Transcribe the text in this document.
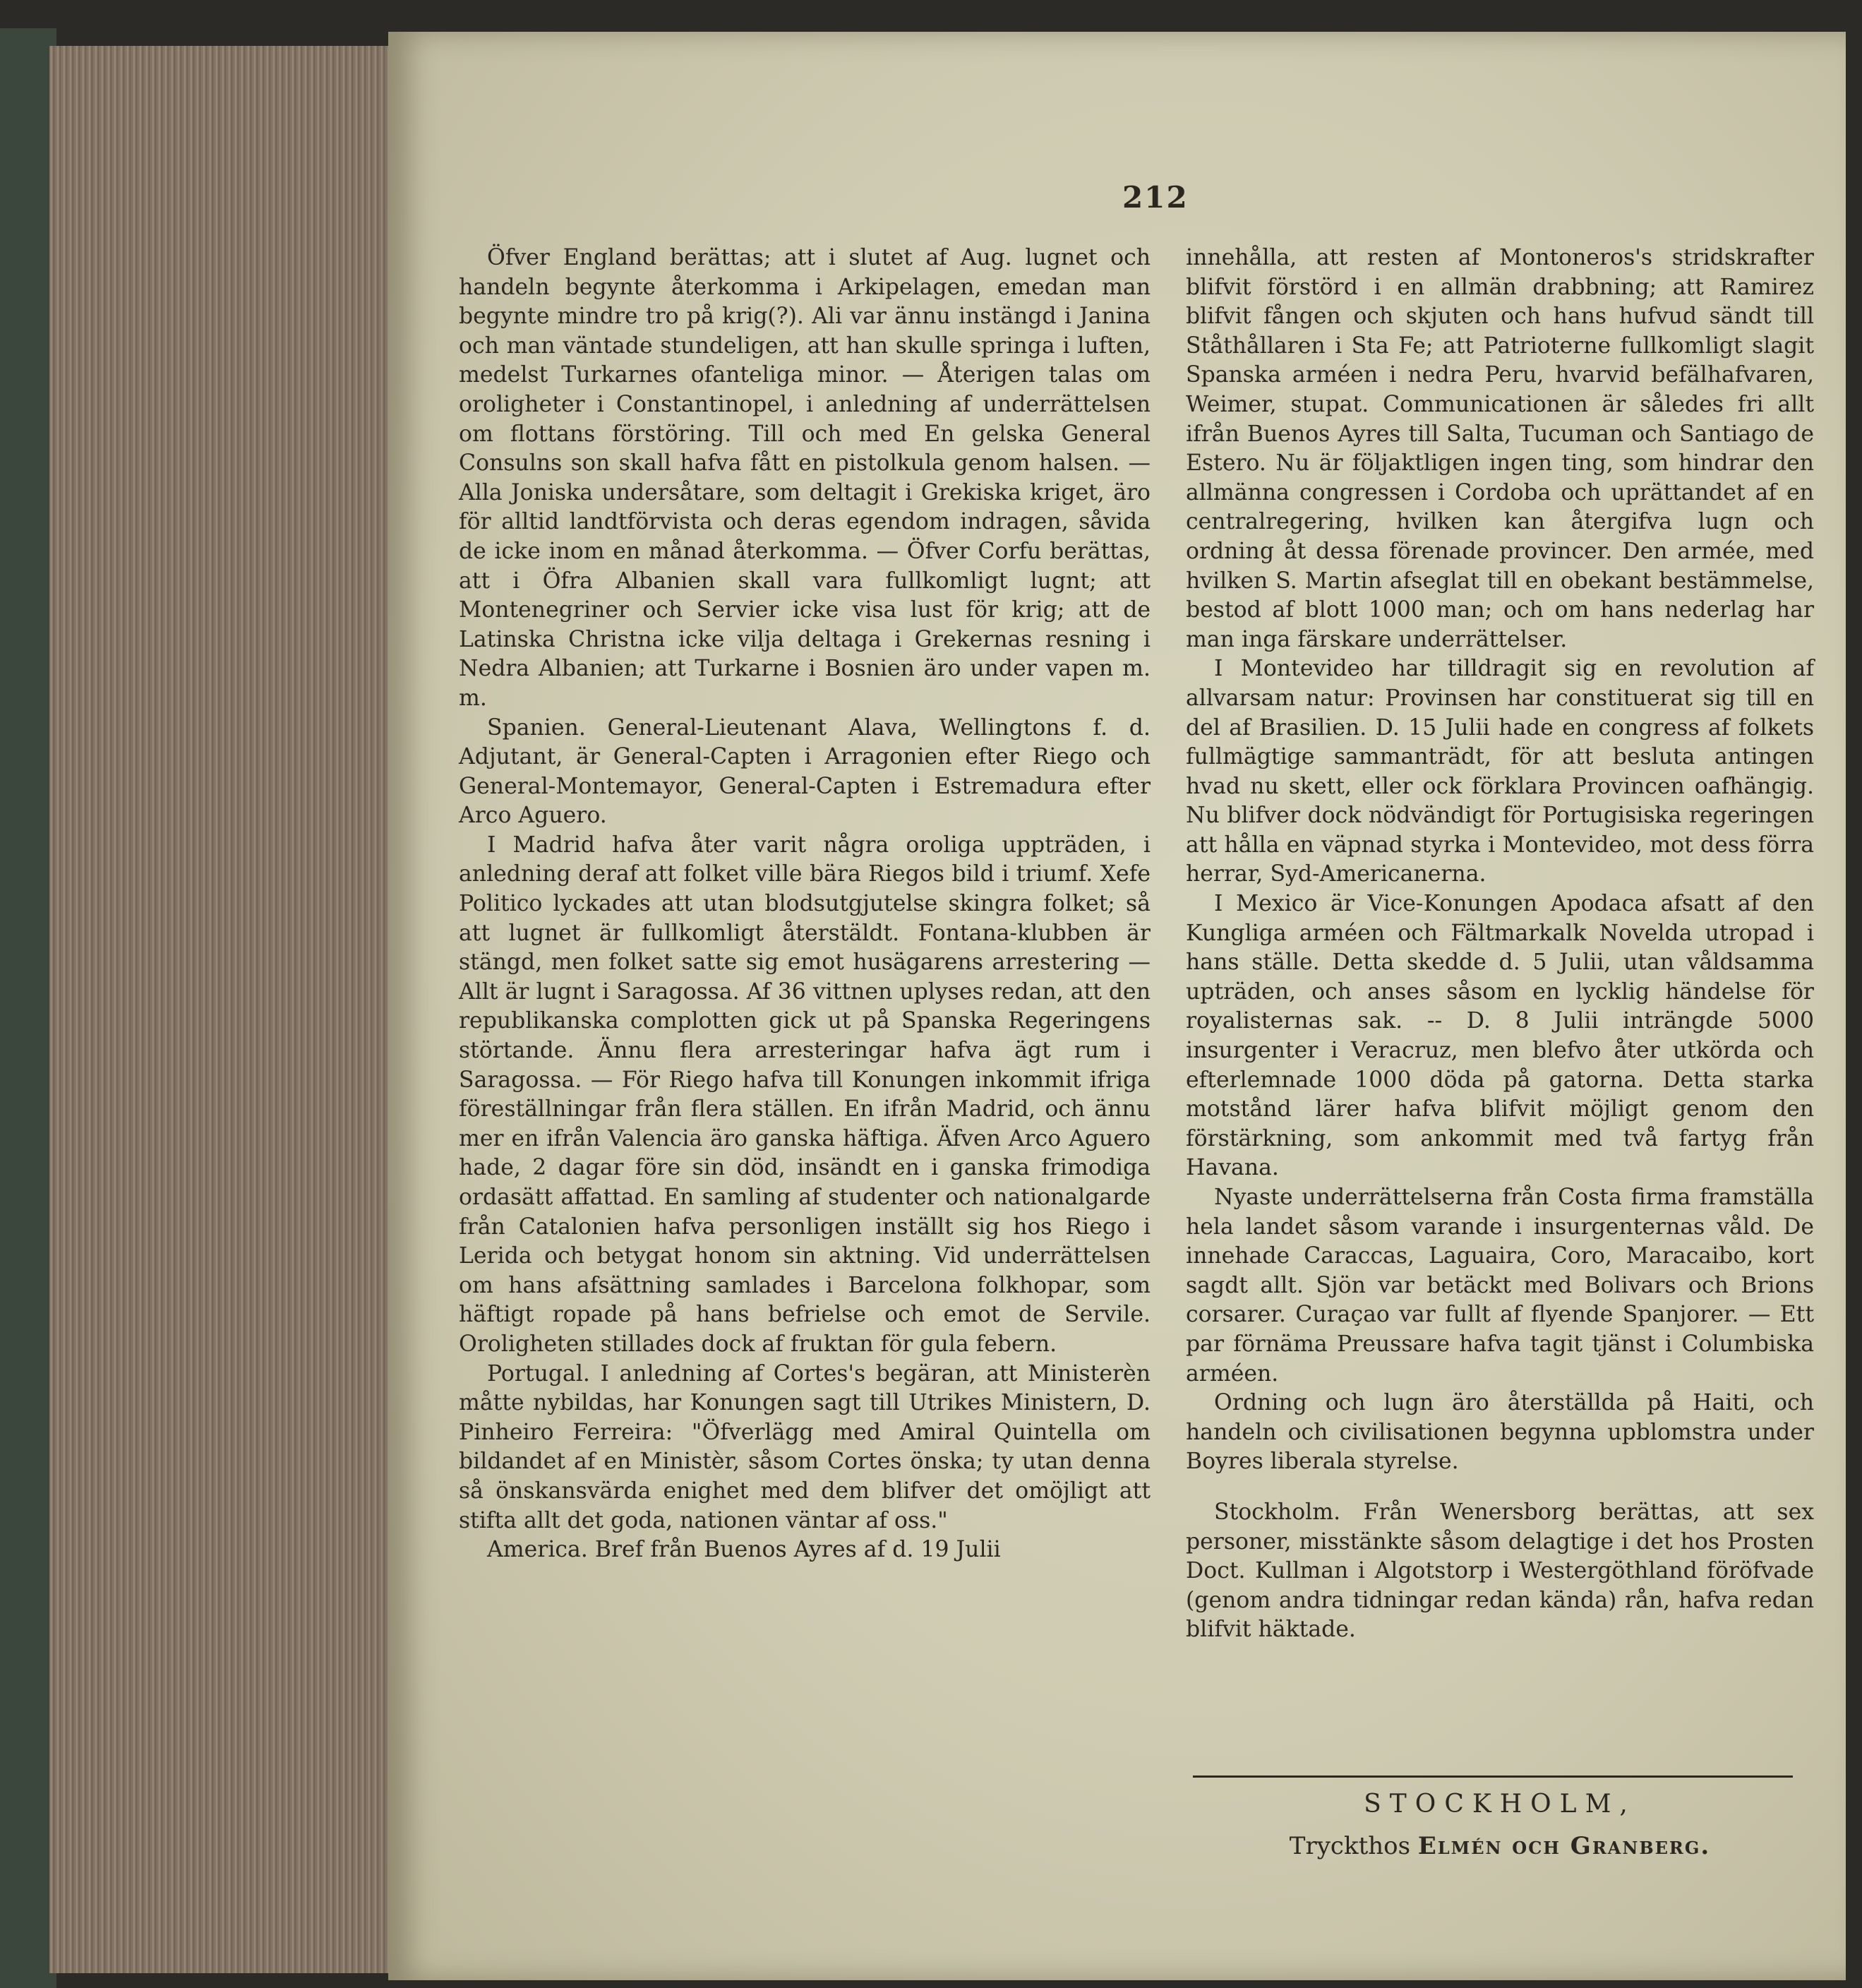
212

Öfver England berättas; att i slutet af Aug. lugnet och handeln begynte återkomma i Arkipelagen, emedan man begynte mindre tro på krig(?). Ali var ännu instängd i Janina och man väntade stundeligen, att han skulle springa i luften, medelst Turkarnes ofanteliga minor. — Återigen talas om oroligheter i Constantinopel, i anledning af underrättelsen om flottans förstöring. Till och med En gelska General Consulns son skall hafva fått en pistolkula genom halsen. — Alla Joniska undersåtare, som deltagit i Grekiska kriget, äro för alltid landtförvista och deras egendom indragen, såvida de icke inom en månad återkomma. — Öfver Corfu berättas, att i Öfra Albanien skall vara fullkomligt lugnt; att Montenegriner och Servier icke visa lust för krig; att de Latinska Christna icke vilja deltaga i Grekernas resning i Nedra Albanien; att Turkarne i Bosnien äro under vapen m. m.

Spanien. General-Lieutenant Alava, Wellingtons f. d. Adjutant, är General-Capten i Arragonien efter Riego och General-Montemayor, General-Capten i Estremadura efter Arco Aguero.

I Madrid hafva åter varit några oroliga uppträden, i anledning deraf att folket ville bära Riegos bild i triumf. Xefe Politico lyckades att utan blodsutgjutelse skingra folket; så att lugnet är fullkomligt återstäldt. Fontana-klubben är stängd, men folket satte sig emot husägarens arrestering — Allt är lugnt i Saragossa. Af 36 vittnen uplyses redan, att den republikanska complotten gick ut på Spanska Regeringens störtande. Ännu flera arresteringar hafva ägt rum i Saragossa. — För Riego hafva till Konungen inkommit ifriga föreställningar från flera ställen. En ifrån Madrid, och ännu mer en ifrån Valencia äro ganska häftiga. Äfven Arco Aguero hade, 2 dagar före sin död, insändt en i ganska frimodiga ordasätt affattad. En samling af studenter och nationalgarde från Catalonien hafva personligen inställt sig hos Riego i Lerida och betygat honom sin aktning. Vid underrättelsen om hans afsättning samlades i Barcelona folkhopar, som häftigt ropade på hans befrielse och emot de Servile. Oroligheten stillades dock af fruktan för gula febern.

Portugal. I anledning af Cortes's begäran, att Ministerèn måtte nybildas, har Konungen sagt till Utrikes Ministern, D. Pinheiro Ferreira: "Öfverlägg med Amiral Quintella om bildandet af en Ministèr, såsom Cortes önska; ty utan denna så önskansvärda enighet med dem blifver det omöjligt att stifta allt det goda, nationen väntar af oss."

America. Bref från Buenos Ayres af d. 19 Julii

innehålla, att resten af Montoneros's stridskrafter blifvit förstörd i en allmän drabbning; att Ramirez blifvit fången och skjuten och hans hufvud sändt till Ståthållaren i Sta Fe; att Patrioterne fullkomligt slagit Spanska arméen i nedra Peru, hvarvid befälhafvaren, Weimer, stupat. Communicationen är således fri allt ifrån Buenos Ayres till Salta, Tucuman och Santiago de Estero. Nu är följaktligen ingen ting, som hindrar den allmänna congressen i Cordoba och uprättandet af en centralregering, hvilken kan återgifva lugn och ordning åt dessa förenade provincer. Den armée, med hvilken S. Martin afseglat till en obekant bestämmelse, bestod af blott 1000 man; och om hans nederlag har man inga färskare underrättelser.

I Montevideo har tilldragit sig en revolution af allvarsam natur: Provinsen har constituerat sig till en del af Brasilien. D. 15 Julii hade en congress af folkets fullmägtige sammanträdt, för att besluta antingen hvad nu skett, eller ock förklara Provincen oafhängig. Nu blifver dock nödvändigt för Portugisiska regeringen att hålla en väpnad styrka i Montevideo, mot dess förra herrar, Syd-Americanerna.

I Mexico är Vice-Konungen Apodaca afsatt af den Kungliga arméen och Fältmarkalk Novelda utropad i hans ställe. Detta skedde d. 5 Julii, utan våldsamma upträden, och anses såsom en lycklig händelse för royalisternas sak. -- D. 8 Julii inträngde 5000 insurgenter i Veracruz, men blefvo åter utkörda och efterlemnade 1000 döda på gatorna. Detta starka motstånd lärer hafva blifvit möjligt genom den förstärkning, som ankommit med två fartyg från Havana.

Nyaste underrättelserna från Costa firma framställa hela landet såsom varande i insurgenternas våld. De innehade Caraccas, Laguaira, Coro, Maracaibo, kort sagdt allt. Sjön var betäckt med Bolivars och Brions corsarer. Curaçao var fullt af flyende Spanjorer. — Ett par förnäma Preussare hafva tagit tjänst i Columbiska arméen.

Ordning och lugn äro återställda på Haiti, och handeln och civilisationen begynna upblomstra under Boyres liberala styrelse.

Stockholm. Från Wenersborg berättas, att sex personer, misstänkte såsom delagtige i det hos Prosten Doct. Kullman i Algotstorp i Westergöthland föröfvade (genom andra tidningar redan kända) rån, hafva redan blifvit häktade.

STOCKHOLM,
Tryckthos Elmén och Granberg.
